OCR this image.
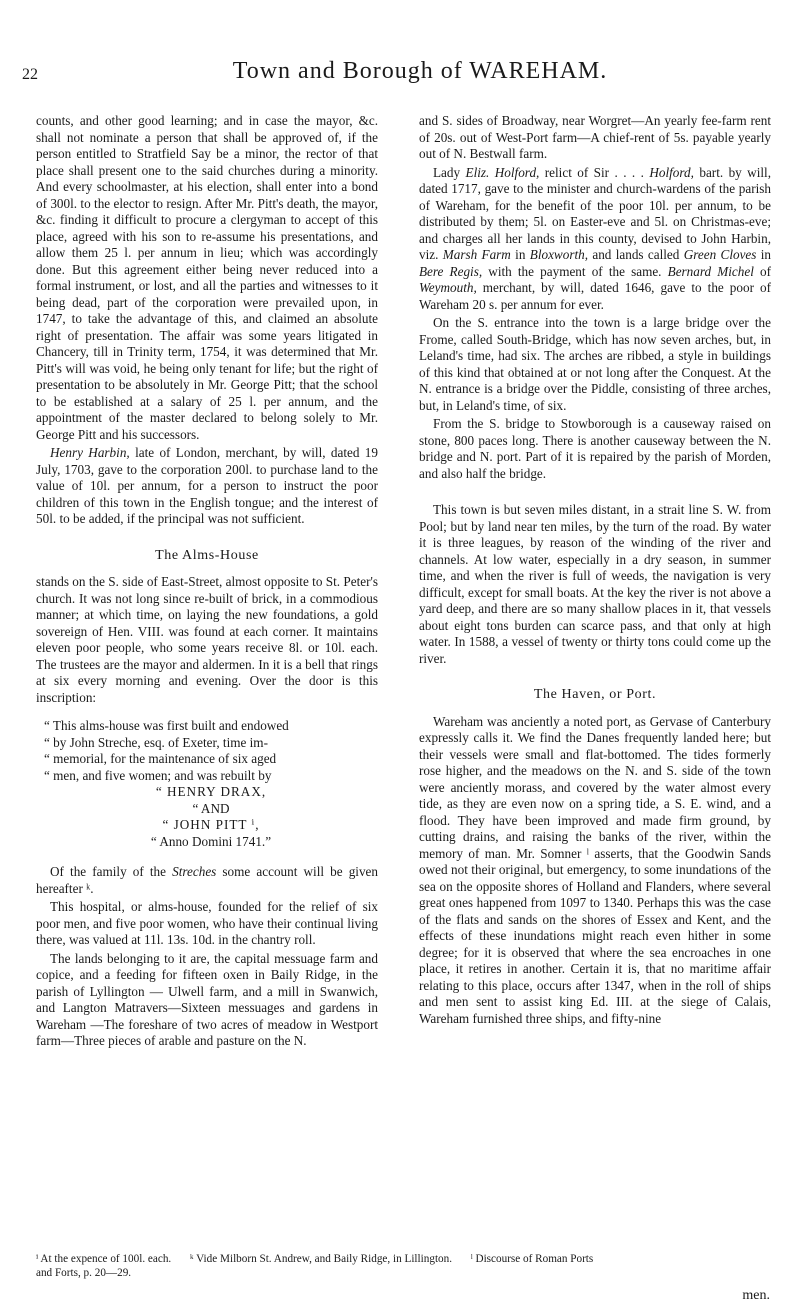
22	Town and Borough of WAREHAM.

counts, and other good learning; and in case the mayor, &c. shall not nominate a person that shall be approved of, if the person entitled to Stratfield Say be a minor, the rector of that place shall present one to the said churches during a minority. And every schoolmaster, at his election, shall enter into a bond of 300l. to the elector to resign. After Mr. Pitt's death, the mayor, &c. finding it difficult to procure a clergyman to accept of this place, agreed with his son to re-assume his presentations, and allow them 25 l. per annum in lieu; which was accordingly done. But this agreement either being never reduced into a formal instrument, or lost, and all the parties and witnesses to it being dead, part of the corporation were prevailed upon, in 1747, to take the advantage of this, and claimed an absolute right of presentation. The affair was some years litigated in Chancery, till in Trinity term, 1754, it was determined that Mr. Pitt's will was void, he being only tenant for life; but the right of presentation to be absolutely in Mr. George Pitt; that the school to be established at a salary of 25 l. per annum, and the appointment of the master declared to belong solely to Mr. George Pitt and his successors.

Henry Harbin, late of London, merchant, by will, dated 19 July, 1703, gave to the corporation 200l. to purchase land to the value of 10l. per annum, for a person to instruct the poor children of this town in the English tongue; and the interest of 50l. to be added, if the principal was not sufficient.

The Alms-House

stands on the S. side of East-Street, almost opposite to St. Peter's church. It was not long since re-built of brick, in a commodious manner; at which time, on laying the new foundations, a gold sovereign of Hen. VIII. was found at each corner. It maintains eleven poor people, who some years receive 8l. or 10l. each. The trustees are the mayor and aldermen. In it is a bell that rings at six every morning and evening. Over the door is this inscription:

“ This alms-house was first built and endowed

“ by John Streche, esq. of Exeter, time im-

“ memorial, for the maintenance of six aged

“ men, and five women; and was rebuilt by

“ HENRY DRAX,

“ AND

“ JOHN PITT ⁱ,

“ Anno Domini 1741.”

Of the family of the Streches some account will be given hereafter ᵏ.

This hospital, or alms-house, founded for the relief of six poor men, and five poor women, who have their continual living there, was valued at 11l. 13s. 10d. in the chantry roll.

The lands belonging to it are, the capital messuage farm and copice, and a feeding for fifteen oxen in Baily Ridge, in the parish of Lyllington — Ulwell farm, and a mill in Swanwich, and Langton Matravers—Sixteen messuages and gardens in Wareham —The foreshare of two acres of meadow in Westport farm—Three pieces of arable and pasture on the N.

and S. sides of Broadway, near Worgret—An yearly fee-farm rent of 20s. out of West-Port farm—A chief-rent of 5s. payable yearly out of N. Bestwall farm.

Lady Eliz. Holford, relict of Sir . . . . Holford, bart. by will, dated 1717, gave to the minister and church-wardens of the parish of Wareham, for the benefit of the poor 10l. per annum, to be distributed by them; 5l. on Easter-eve and 5l. on Christmas-eve; and charges all her lands in this county, devised to John Harbin, viz. Marsh Farm in Bloxworth, and lands called Green Cloves in Bere Regis, with the payment of the same. Bernard Michel of Weymouth, merchant, by will, dated 1646, gave to the poor of Wareham 20 s. per annum for ever.

On the S. entrance into the town is a large bridge over the Frome, called South-Bridge, which has now seven arches, but, in Leland's time, had six. The arches are ribbed, a style in buildings of this kind that obtained at or not long after the Conquest. At the N. entrance is a bridge over the Piddle, consisting of three arches, but, in Leland's time, of six.

From the S. bridge to Stowborough is a causeway raised on stone, 800 paces long. There is another causeway between the N. bridge and N. port. Part of it is repaired by the parish of Morden, and also half the bridge.

This town is but seven miles distant, in a strait line S. W. from Pool; but by land near ten miles, by the turn of the road. By water it is three leagues, by reason of the winding of the river and channels. At low water, especially in a dry season, in summer time, and when the river is full of weeds, the navigation is very difficult, except for small boats. At the key the river is not above a yard deep, and there are so many shallow places in it, that vessels about eight tons burden can scarce pass, and that only at high water. In 1588, a vessel of twenty or thirty tons could come up the river.

The Haven, or Port.

Wareham was anciently a noted port, as Gervase of Canterbury expressly calls it. We find the Danes frequently landed here; but their vessels were small and flat-bottomed. The tides formerly rose higher, and the meadows on the N. and S. side of the town were anciently morass, and covered by the water almost every tide, as they are even now on a spring tide, a S. E. wind, and a flood. They have been improved and made firm ground, by cutting drains, and raising the banks of the river, within the memory of man. Mr. Somner ˡ asserts, that the Goodwin Sands owed not their original, but emergency, to some inundations of the sea on the opposite shores of Holland and Flanders, where several great ones happened from 1097 to 1340. Perhaps this was the case of the flats and sands on the shores of Essex and Kent, and the effects of these inundations might reach even hither in some degree; for it is observed that where the sea encroaches in one place, it retires in another. Certain it is, that no maritime affair relating to this place, occurs after 1347, when in the roll of ships and men sent to assist king Ed. III. at the siege of Calais, Wareham furnished three ships, and fifty-nine

ⁱ At the expence of 100l. each. ᵏ Vide Milborn St. Andrew, and Baily Ridge, in Lillington. ˡ Discourse of Roman Ports

and Forts, p. 20—29.

men.
